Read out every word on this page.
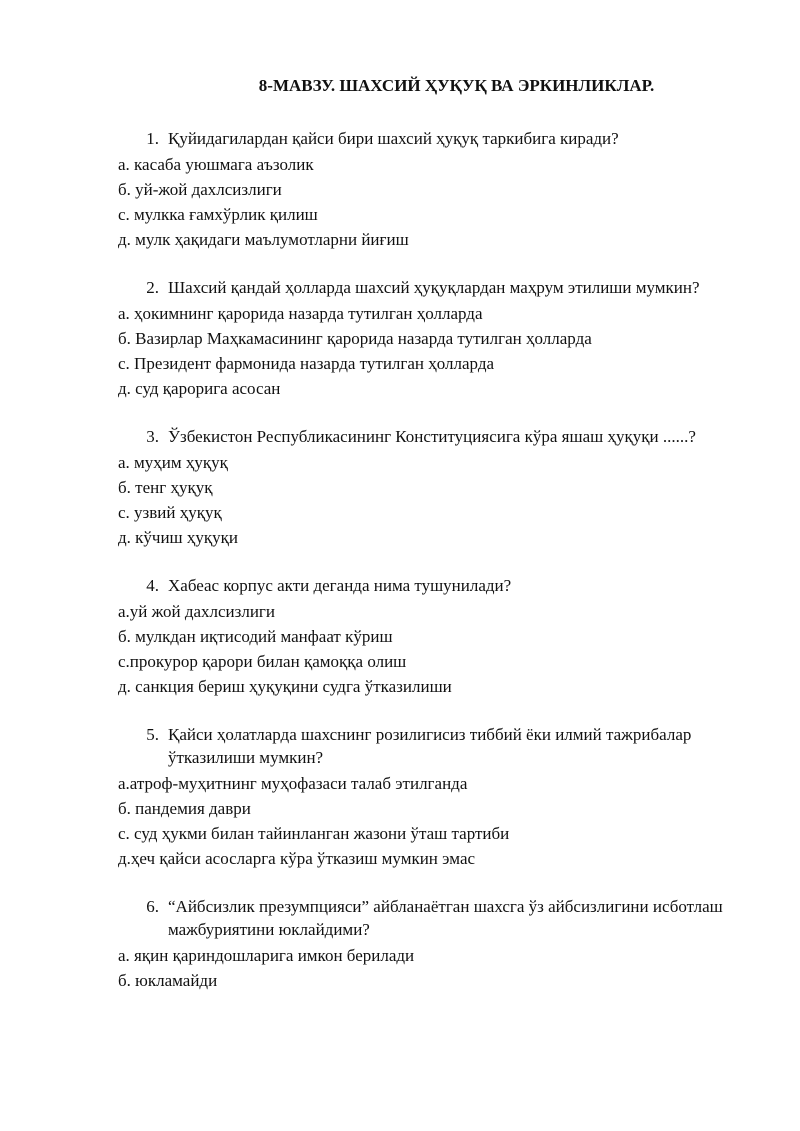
8-МАВЗУ. ШАХСИЙ ҲУҚУҚ ВА ЭРКИНЛИКЛАР.
1. Қуйидагилардан қайси бири шахсий ҳуқуқ таркибига киради?
а. касаба уюшмага аъзолик
б. уй-жой дахлсизлиги
с. мулкка ғамхўрлик қилиш
д. мулк ҳақидаги маълумотларни йиғиш
2. Шахсий қандай ҳолларда шахсий ҳуқуқлардан маҳрум этилиши мумкин?
а. ҳокимнинг қарорида назарда тутилган ҳолларда
б. Вазирлар Маҳкамасининг қарорида назарда тутилган ҳолларда
с. Президент фармонида назарда тутилган ҳолларда
д. суд қарорига асосан
3. Ўзбекистон Республикасининг Конституциясига кўра яшаш ҳуқуқи ......?
а. муҳим ҳуқуқ
б. тенг ҳуқуқ
с. узвий ҳуқуқ
д. кўчиш ҳуқуқи
4. Хабеас корпус акти деганда нима тушунилади?
а.уй жой дахлсизлиги
б. мулкдан иқтисодий манфаат кўриш
с.прокурор қарори билан қамоққа олиш
д. санкция бериш ҳуқуқини судга ўтказилиши
5. Қайси ҳолатларда шахснинг розилигисиз тиббий ёки илмий тажрибалар ўтказилиши мумкин?
а.атроф-муҳитнинг муҳофазаси талаб этилганда
б. пандемия даври
с. суд ҳукми билан тайинланган жазони ўташ тартиби
д.ҳеч қайси асосларга кўра ўтказиш мумкин эмас
6. “Айбсизлик презумпцияси” айбланаётган шахсга ўз айбсизлигини исботлаш мажбуриятини юклайдими?
а. яқин қариндошларига имкон берилади
б. юкламайди
